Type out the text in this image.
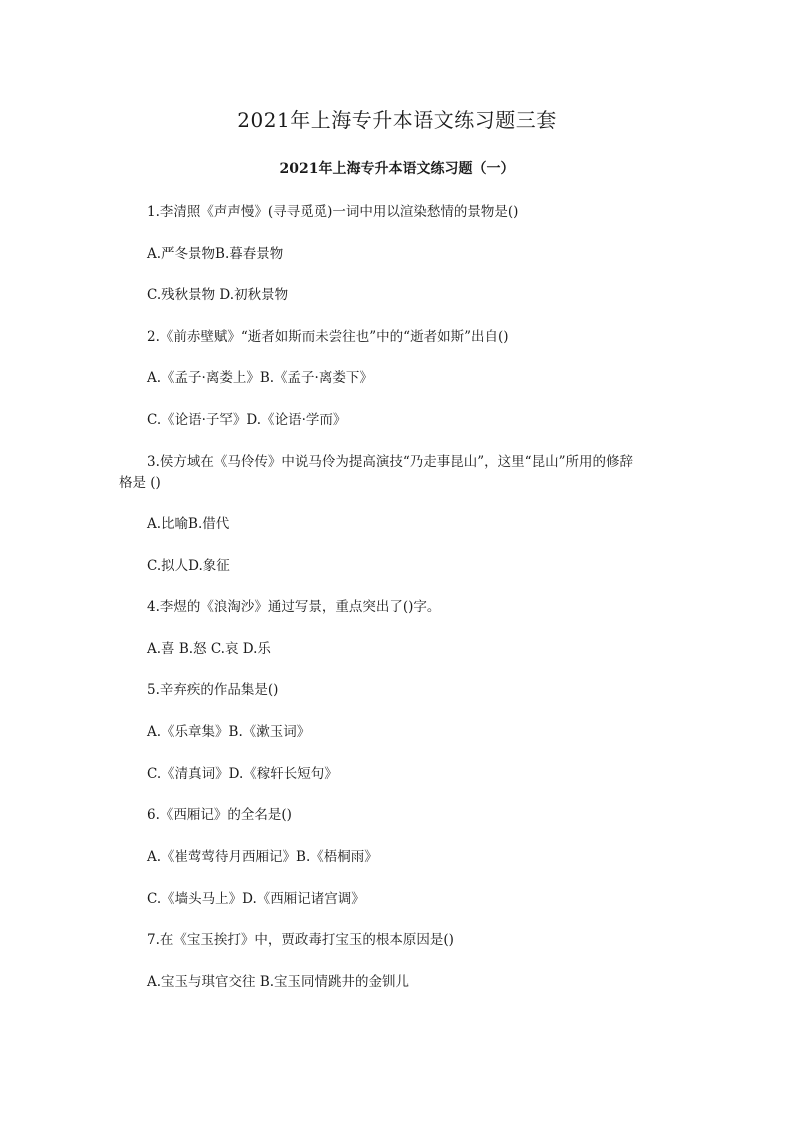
2021年上海专升本语文练习题三套
2021年上海专升本语文练习题（一）

1.李清照《声声慢》(寻寻觅觅)一词中用以渲染愁情的景物是()

A.严冬景物B.暮春景物

C.残秋景物 D.初秋景物

2.《前赤壁赋》“逝者如斯而未尝往也”中的“逝者如斯”出自()

A.《孟子·离娄上》B.《孟子·离娄下》

C.《论语·子罕》D.《论语·学而》

3.侯方域在《马伶传》中说马伶为提高演技“乃走事昆山”，这里“昆山”所用的修辞

格是 ()

A.比喻B.借代

C.拟人D.象征

4.李煜的《浪淘沙》通过写景，重点突出了()字。

A.喜 B.怒 C.哀 D.乐

5.辛弃疾的作品集是()

A.《乐章集》B.《漱玉词》

C.《清真词》D.《稼轩长短句》

6.《西厢记》的全名是()

A.《崔莺莺待月西厢记》B.《梧桐雨》

C.《墙头马上》D.《西厢记诸宫调》

7.在《宝玉挨打》中，贾政毒打宝玉的根本原因是()

A.宝玉与琪官交往 B.宝玉同情跳井的金钏儿
